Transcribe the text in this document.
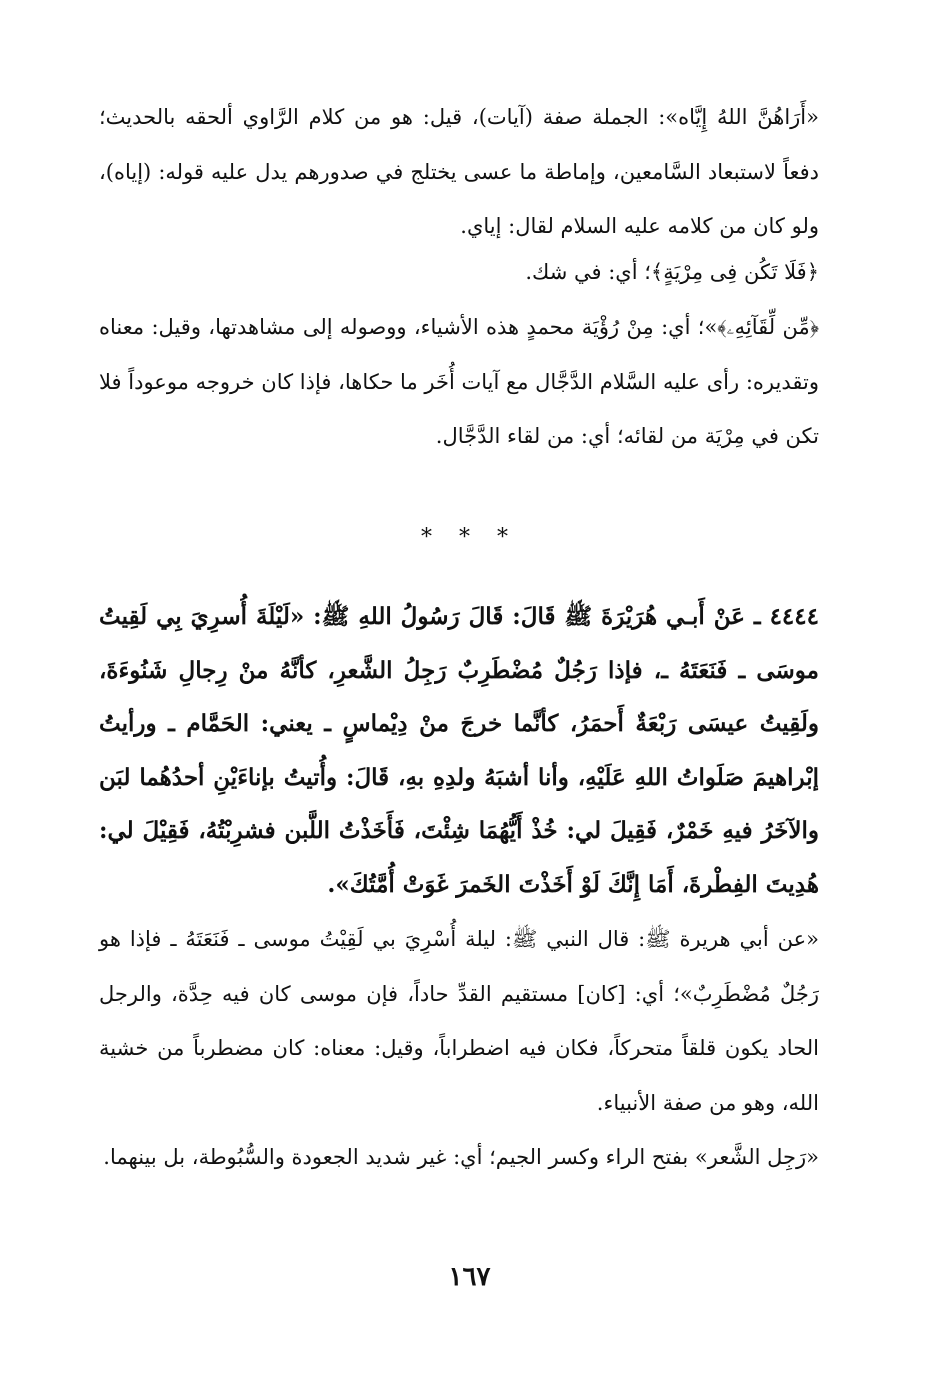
«أَرَاهُنَّ اللهُ إِيَّاه»: الجملة صفة (آيات)، قيل: هو من كلام الرَّاوي ألحقه بالحديث؛ دفعاً لاستبعاد السَّامعين، وإماطة ما عسى يختلج في صدورهم يدل عليه قوله: (إياه)، ولو كان من كلامه عليه السلام لقال: إياي.

﴿فَلَا تَكُن فِى مِرْيَةٍ﴾؛ أي: في شك.

﴿مِّن لِّقَآئِهِۦ﴾»؛ أي: مِنْ رُؤْيَة محمدٍ هذه الأشياء، ووصوله إلى مشاهدتها، وقيل: معناه وتقديره: رأى عليه السَّلام الدَّجَّال مع آيات أُخَر ما حكاها، فإذا كان خروجه موعوداً فلا تكن في مِرْيَة من لقائه؛ أي: من لقاء الدَّجَّال.

* * *

٤٤٤٤ ـ عَنْ أَبـي هُرَيْرَةَ ﷺ قَالَ: قَالَ رَسُولُ اللهِ ﷺ: «لَيْلَةَ أُسرِيَ بِي لَقِيتُ موسَى ـ فَنَعَتَهُ ـ، فإذا رَجُلٌ مُضْطَرِبٌ رَجِلُ الشَّعرِ، كأنَّهُ منْ رِجالِ شَنُوءَةَ، ولَقِيتُ عيسَى رَبْعَةٌ أَحمَرُ، كأنَّما خرجَ منْ دِيْماسٍ ـ يعني: الحَمَّام ـ ورأيتُ إبْراهيمَ صَلَواتُ اللهِ عَلَيْهِ، وأنا أشبَهُ ولدِهِ بهِ، قَالَ: وأُتيتُ بإناءَيْنِ أحدُهُما لبَن والآخَرُ فيهِ خَمْرٌ، فَقِيلَ لي: خُذْ أَيُّهُمَا شِئْتَ، فَأَخَذْتُ اللَّبن فشرِبْتُهُ، فَقِيْلَ لي: هُدِيتَ الفِطْرةَ، أَمَا إِنَّكَ لَوْ أَخَذْتَ الخَمرَ غَوَتْ أُمَّتُكَ».

«عن أبي هريرة ﷺ: قال النبي ﷺ: ليلة أُسْرِيَ بي لَقِيْتُ موسى ـ فَنَعَتَهُ ـ فإذا هو رَجُلٌ مُضْطَرِبٌ»؛ أي: [كان] مستقيم القدِّ حاداً، فإن موسى كان فيه حِدَّة، والرجل الحاد يكون قلقاً متحركاً، فكان فيه اضطراباً، وقيل: معناه: كان مضطرباً من خشية الله، وهو من صفة الأنبياء.

«رَجِل الشَّعر» بفتح الراء وكسر الجيم؛ أي: غير شديد الجعودة والسُّبُوطة، بل بينهما.

١٦٧
